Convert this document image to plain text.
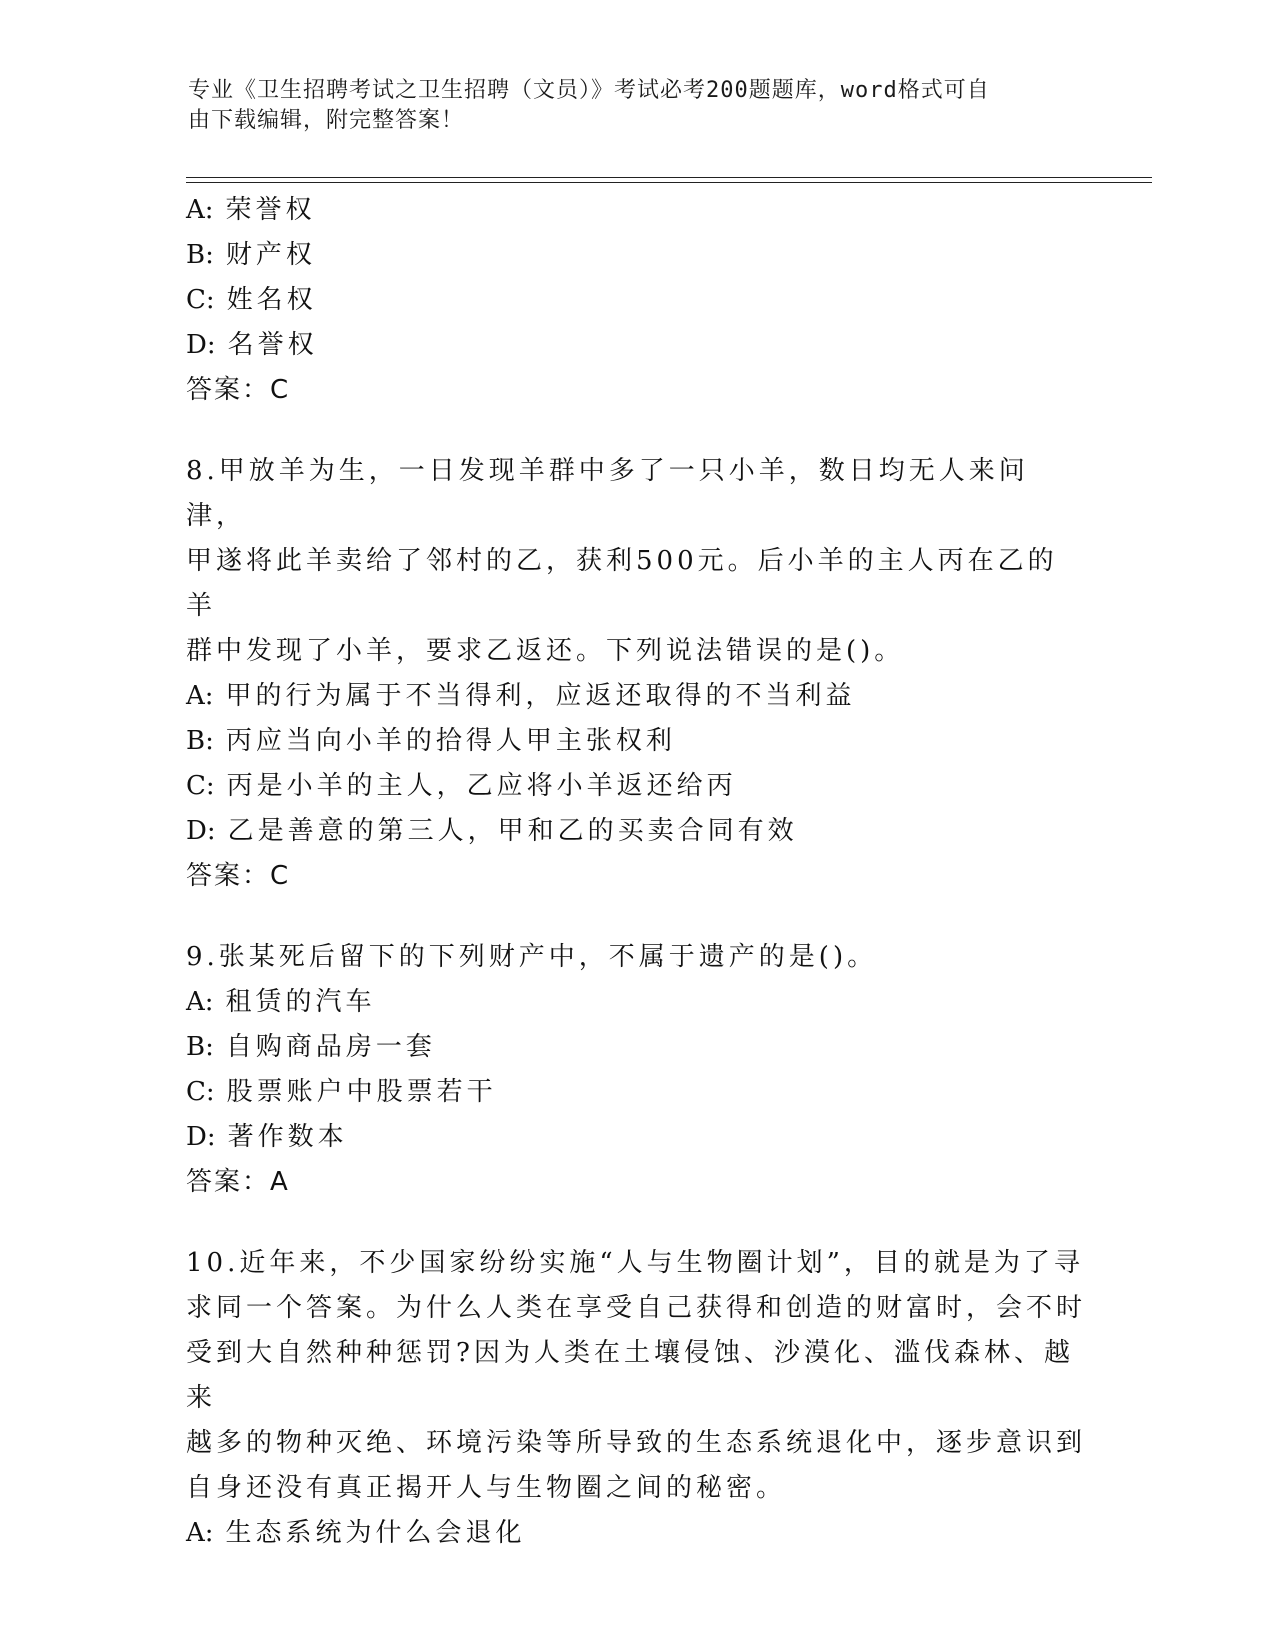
专业《卫生招聘考试之卫生招聘（文员）》考试必考200题题库，word格式可自
由下载编辑，附完整答案！
A: 荣誉权
B: 财产权
C: 姓名权
D: 名誉权
答案：C
8.甲放羊为生，一日发现羊群中多了一只小羊，数日均无人来问津，
甲遂将此羊卖给了邻村的乙，获利500元。后小羊的主人丙在乙的羊
群中发现了小羊，要求乙返还。下列说法错误的是()。
A: 甲的行为属于不当得利，应返还取得的不当利益
B: 丙应当向小羊的拾得人甲主张权利
C: 丙是小羊的主人，乙应将小羊返还给丙
D: 乙是善意的第三人，甲和乙的买卖合同有效
答案：C
9.张某死后留下的下列财产中，不属于遗产的是()。
A: 租赁的汽车
B: 自购商品房一套
C: 股票账户中股票若干
D: 著作数本
答案：A
10.近年来，不少国家纷纷实施“人与生物圈计划”，目的就是为了寻
求同一个答案。为什么人类在享受自己获得和创造的财富时，会不时
受到大自然种种惩罚?因为人类在土壤侵蚀、沙漠化、滥伐森林、越来
越多的物种灭绝、环境污染等所导致的生态系统退化中，逐步意识到
自身还没有真正揭开人与生物圈之间的秘密。
A: 生态系统为什么会退化
